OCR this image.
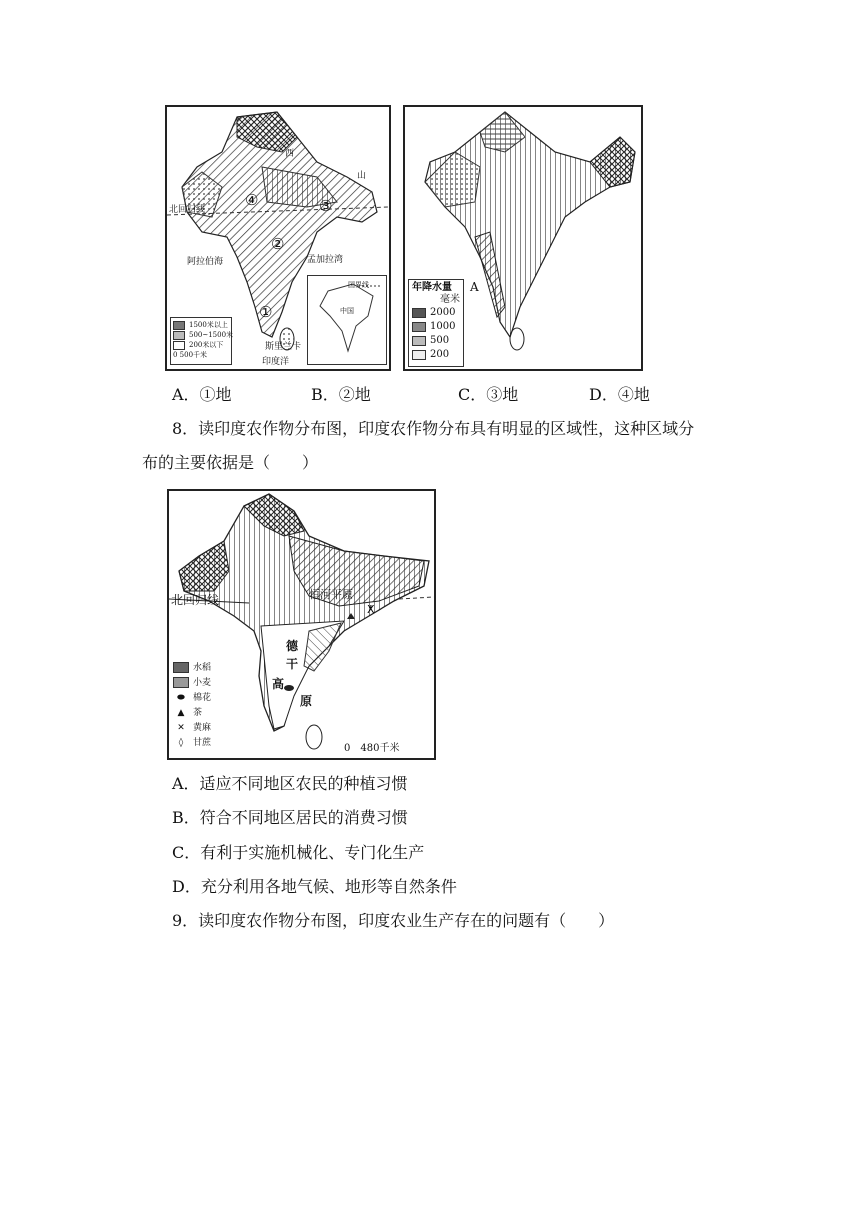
北回归线
阿拉伯海	孟加拉湾
西
山
印度洋
斯里兰卡
④	③
②
①
1500米以上
500~1500米
200米以下
0 500千米
国界线
中国
A
年降水量
毫米
2000
1000
500
200
A．①地	B．②地	C．③地	D．④地
8．读印度农作物分布图，印度农作物分布具有明显的区域性，这种区域分
布的主要依据是（　　）
ⵅ
北回归线	恒河平原
德
干
高
原
水稻
小麦
⬬ 棉花
▲ 茶
✕ 黄麻
◊ 甘蔗	0　480千米
A．适应不同地区农民的种植习惯
B．符合不同地区居民的消费习惯
C．有利于实施机械化、专门化生产
D．充分利用各地气候、地形等自然条件
9．读印度农作物分布图，印度农业生产存在的问题有（　　）
